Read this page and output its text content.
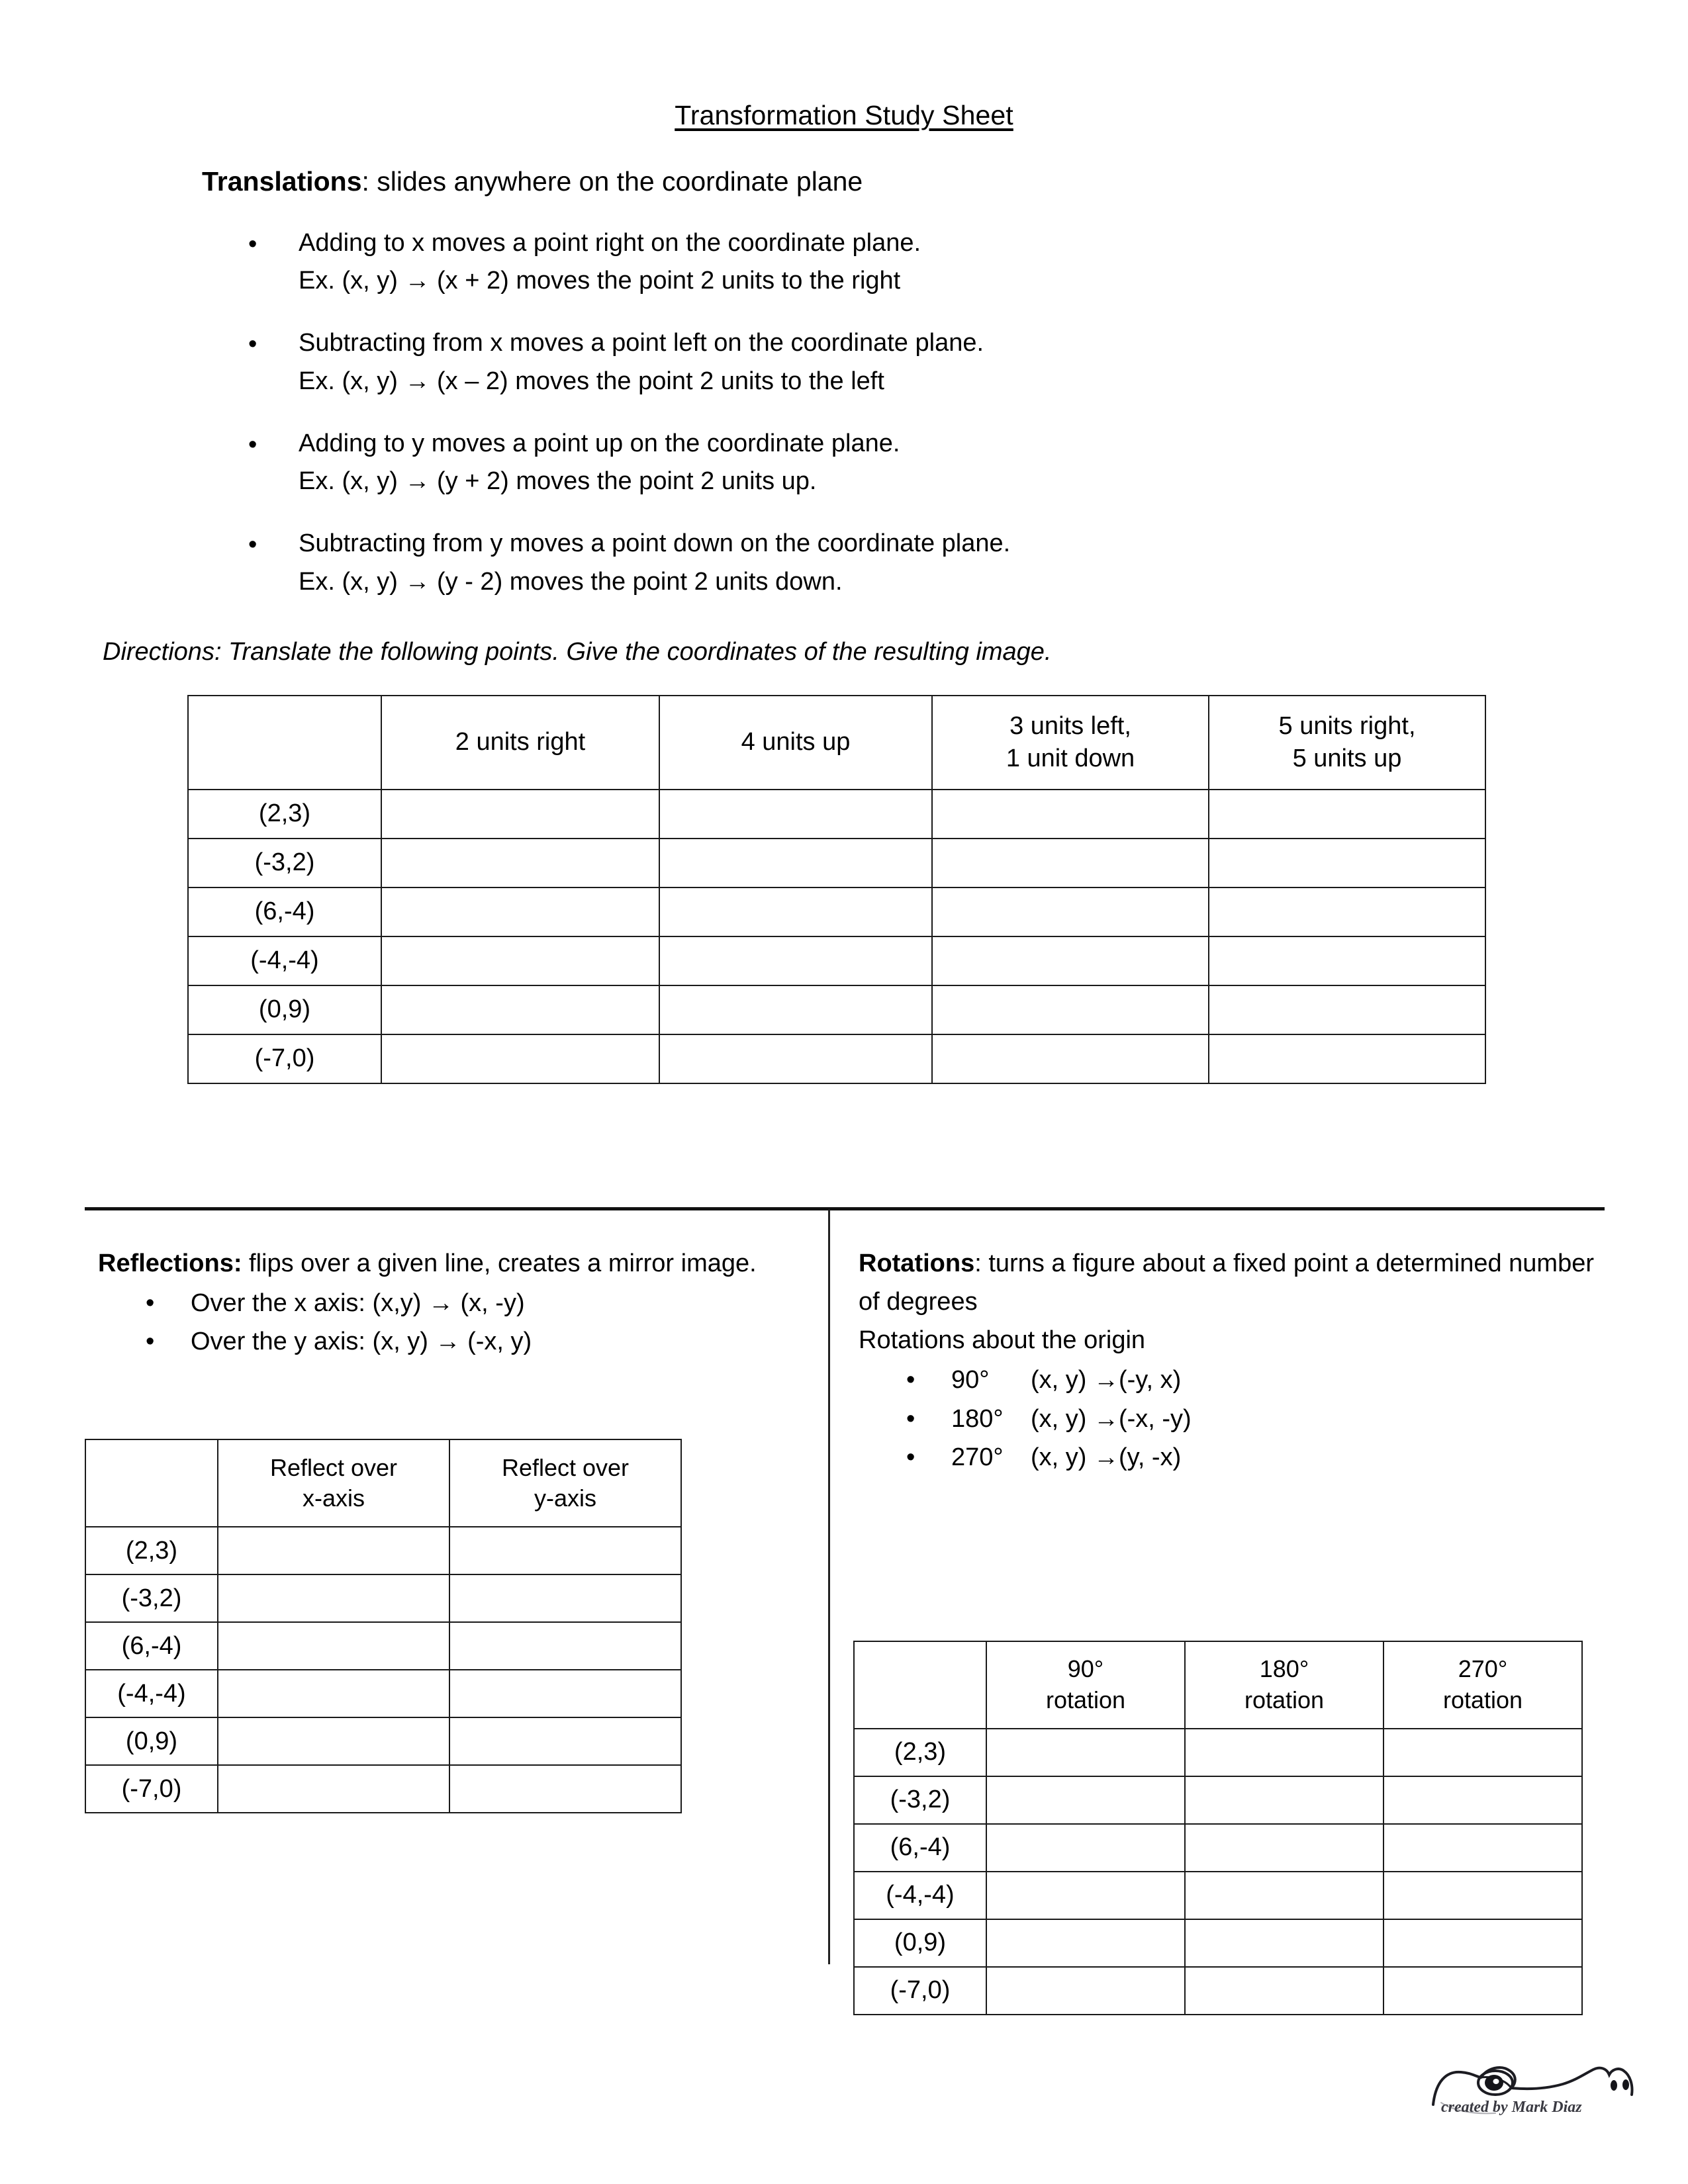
Transformation Study Sheet
Translations: slides anywhere on the coordinate plane
• Adding to x moves a point right on the coordinate plane.
Ex. (x, y) → (x + 2) moves the point 2 units to the right
• Subtracting from x moves a point left on the coordinate plane.
Ex. (x, y) → (x – 2) moves the point 2 units to the left
• Adding to y moves a point up on the coordinate plane.
Ex. (x, y) → (y + 2) moves the point 2 units up.
• Subtracting from y moves a point down on the coordinate plane.
Ex. (x, y) → (y - 2) moves the point 2 units down.
Directions: Translate the following points. Give the coordinates of the resulting image.
	2 units right	4 units up	3 units left,
1 unit down	5 units right,
5 units up
(2,3)				
(-3,2)				
(6,-4)				
(-4,-4)				
(0,9)				
(-7,0)				
Reflections: flips over a given line, creates a mirror image.
• Over the x axis: (x,y) → (x, -y)
• Over the y axis: (x, y) → (-x, y)
	Reflect over
x-axis	Reflect over
y-axis
(2,3)		
(-3,2)		
(6,-4)		
(-4,-4)		
(0,9)		
(-7,0)		
Rotations: turns a figure about a fixed point a determined number of degrees
Rotations about the origin
• 90° (x, y) →(-y, x)
• 180° (x, y) →(-x, -y)
• 270° (x, y) →(y, -x)
	90°
rotation	180°
rotation	270°
rotation
(2,3)			
(-3,2)			
(6,-4)			
(-4,-4)			
(0,9)			
(-7,0)			
created by Mark Diaz
